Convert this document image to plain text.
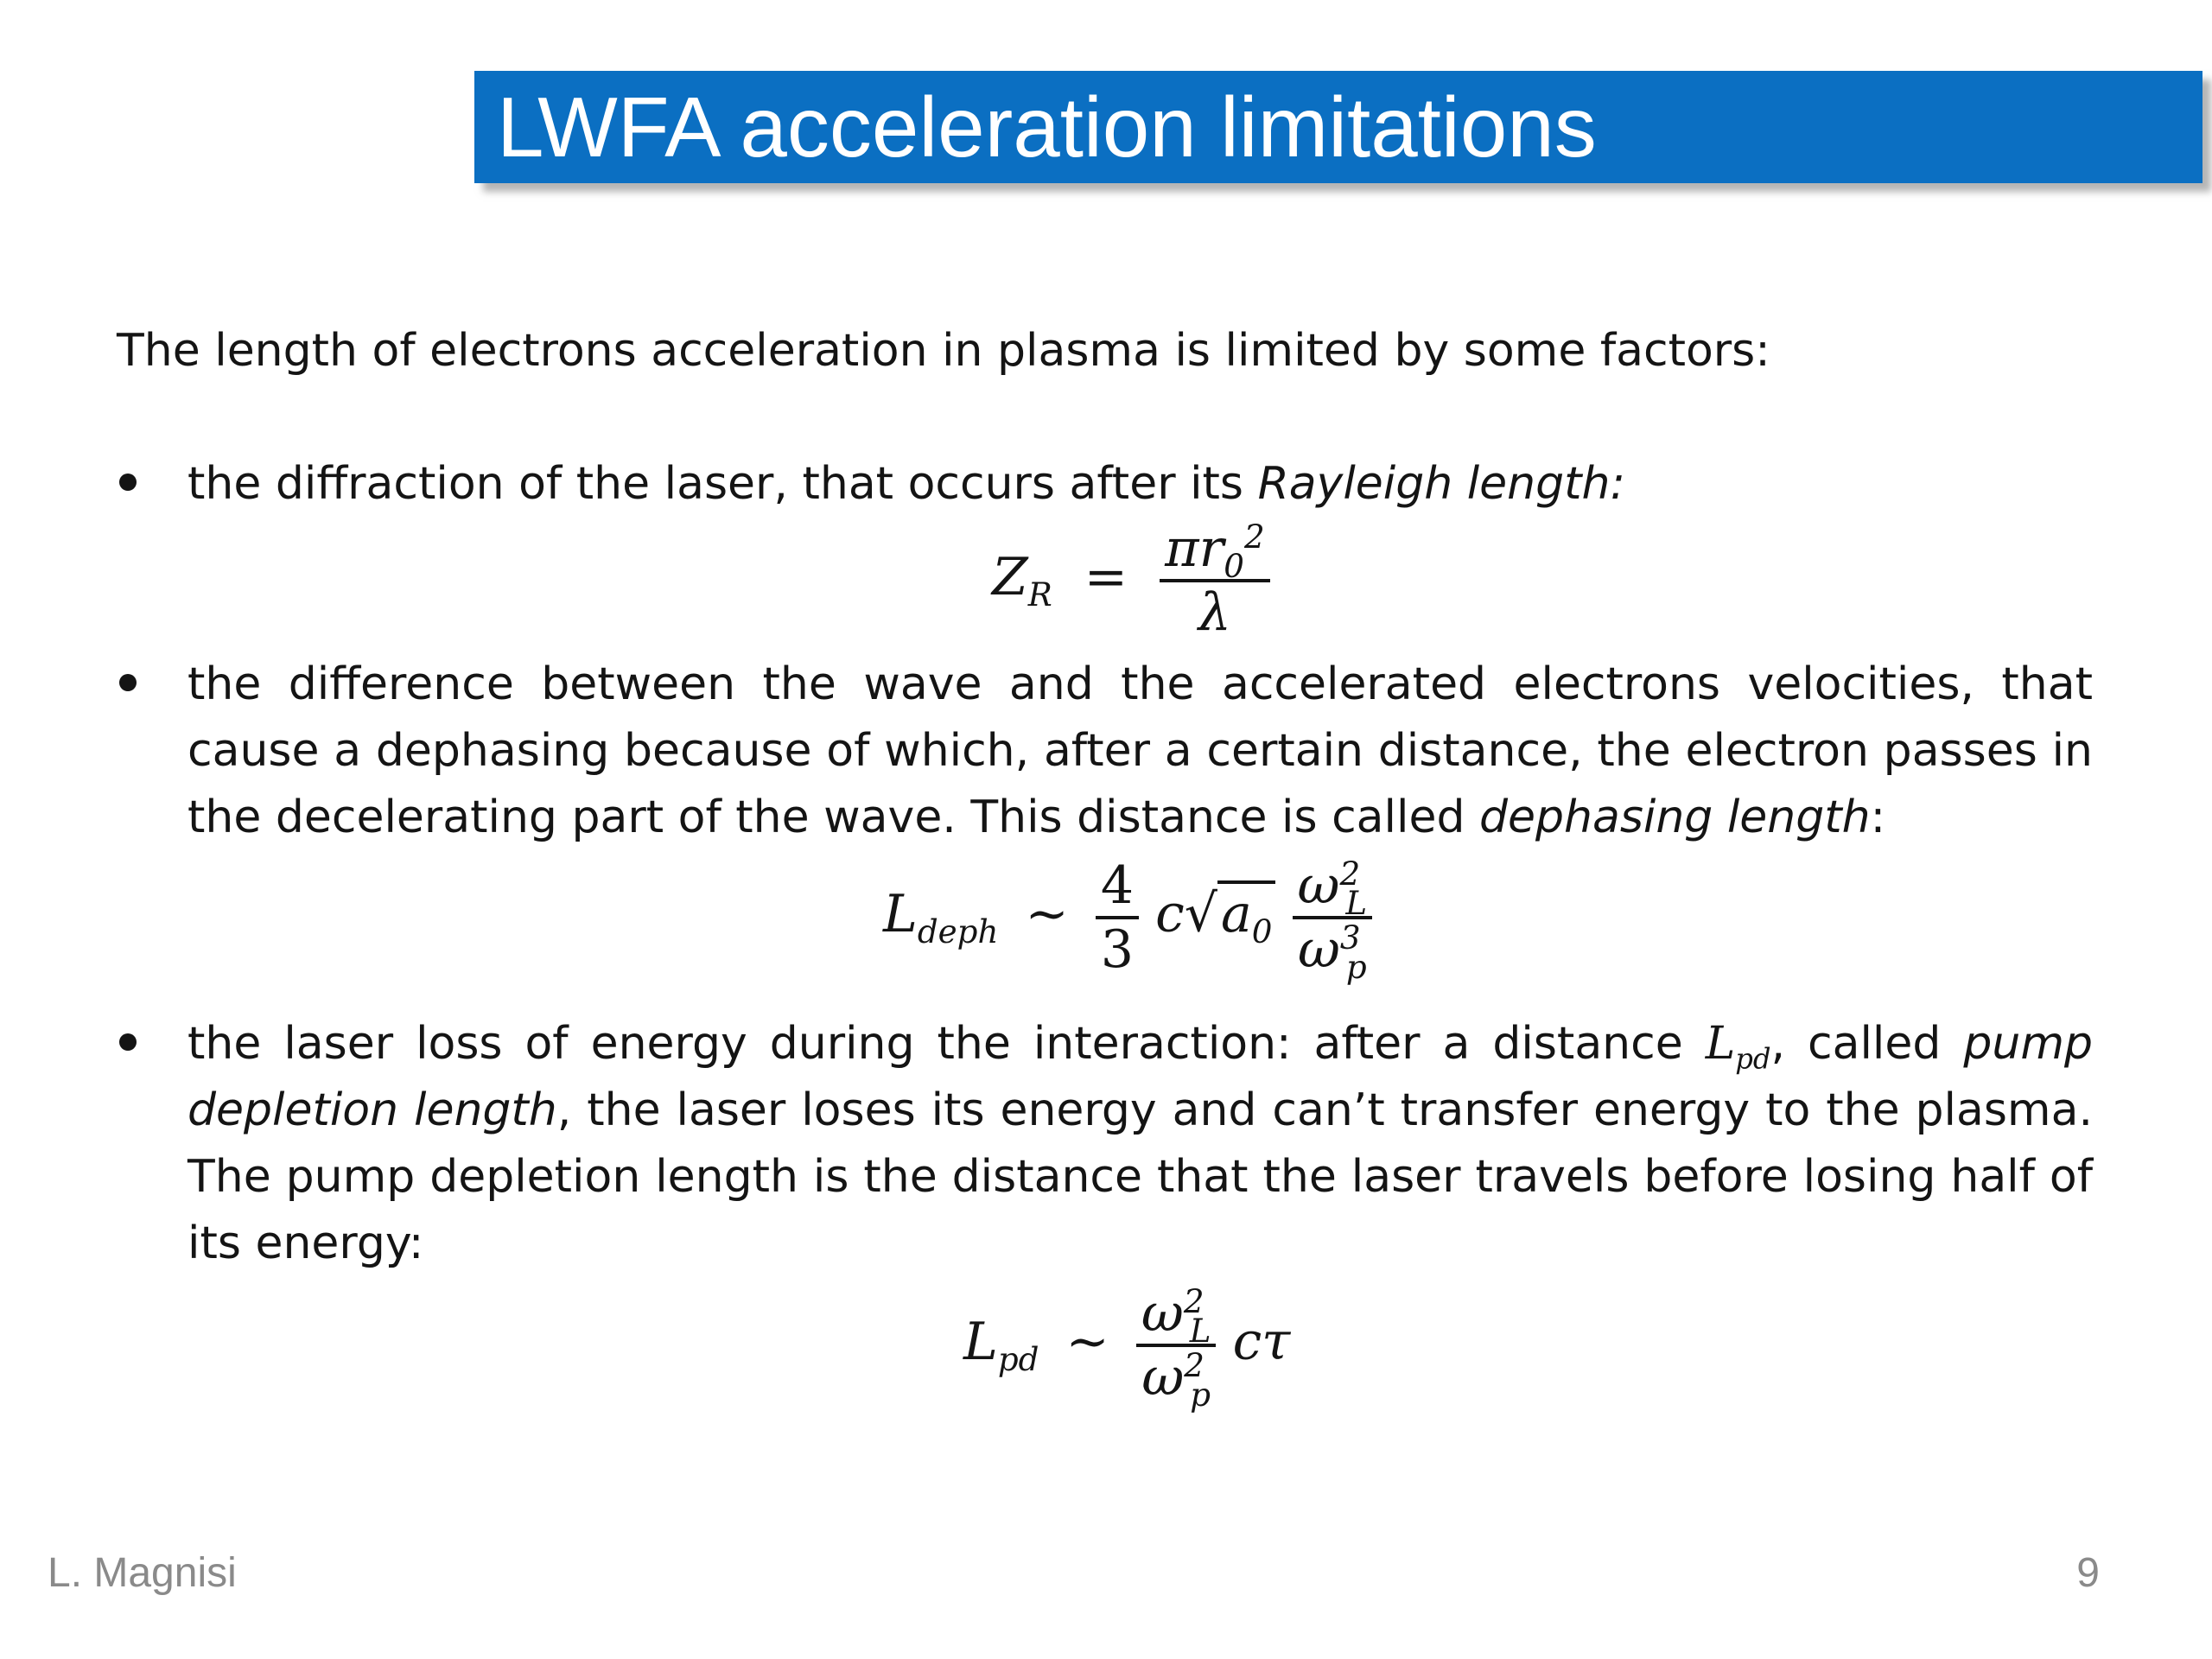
LWFA acceleration limitations
The length of electrons acceleration in plasma is limited by some factors:
the diffraction of the laser, that occurs after its Rayleigh length:
$Z_R = \frac{\pi r_0^2}{\lambda}$
the difference between the wave and the accelerated electrons velocities, that cause a dephasing because of which, after a certain distance, the electron passes in the decelerating part of the wave. This distance is called dephasing length:
$L_{deph}$ ~ $\frac{4}{3} c√a_0 \frac{\omega^2_L}{\omega^3_p}$
the laser loss of energy during the interaction: after a distance $L_{pd}$, called pump depletion length, the laser loses its energy and can’t transfer energy to the plasma. The pump depletion length is the distance that the laser travels before losing half of its energy:
$L_{pd}$ ~ $\frac{\omega^2_L}{\omega^2_p}$ cτ
L. Magnisi	9
